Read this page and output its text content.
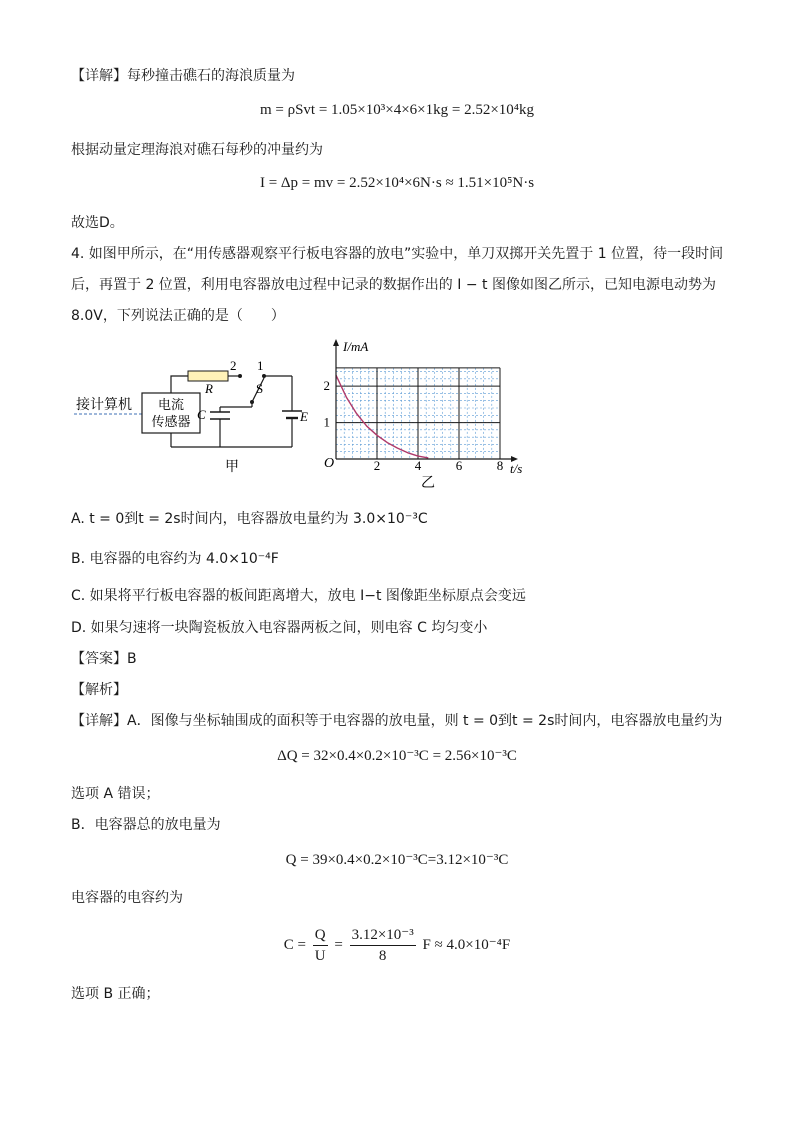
【详解】每秒撞击礁石的海浪质量为
m = ρSvt = 1.05×10³×4×6×1kg = 2.52×10⁴kg
根据动量定理海浪对礁石每秒的冲量约为
I = Δp = mv = 2.52×10⁴×6N·s ≈ 1.51×10⁵N·s
故选D。
4. 如图甲所示，在“用传感器观察平行板电容器的放电”实验中，单刀双掷开关先置于 1 位置，待一段时间
后，再置于 2 位置，利用电容器放电过程中记录的数据作出的 I − t 图像如图乙所示，已知电源电动势为
8.0V，下列说法正确的是（　　）
接计算机 电流
传感器
2
R
1
E
S
C
甲	2	4	6	8
1
2
t/s
I/mA
O
乙
A. t = 0到t = 2s时间内，电容器放电量约为 3.0×10⁻³C
B. 电容器的电容约为 4.0×10⁻⁴F
C. 如果将平行板电容器的板间距离增大，放电 I−t 图像距坐标原点会变远
D. 如果匀速将一块陶瓷板放入电容器两板之间，则电容 C 均匀变小
【答案】B
【解析】
【详解】A．图像与坐标轴围成的面积等于电容器的放电量，则 t = 0到t = 2s时间内，电容器放电量约为
ΔQ = 32×0.4×0.2×10⁻³C = 2.56×10⁻³C
选项 A 错误；
B．电容器总的放电量为
Q = 39×0.4×0.2×10⁻³C=3.12×10⁻³C
电容器的电容约为
$C = \frac{Q}{U} = \frac{\text{3.12×10⁻³}}{8}$ F ≈ 4.0×10⁻⁴F
选项 B 正确；
